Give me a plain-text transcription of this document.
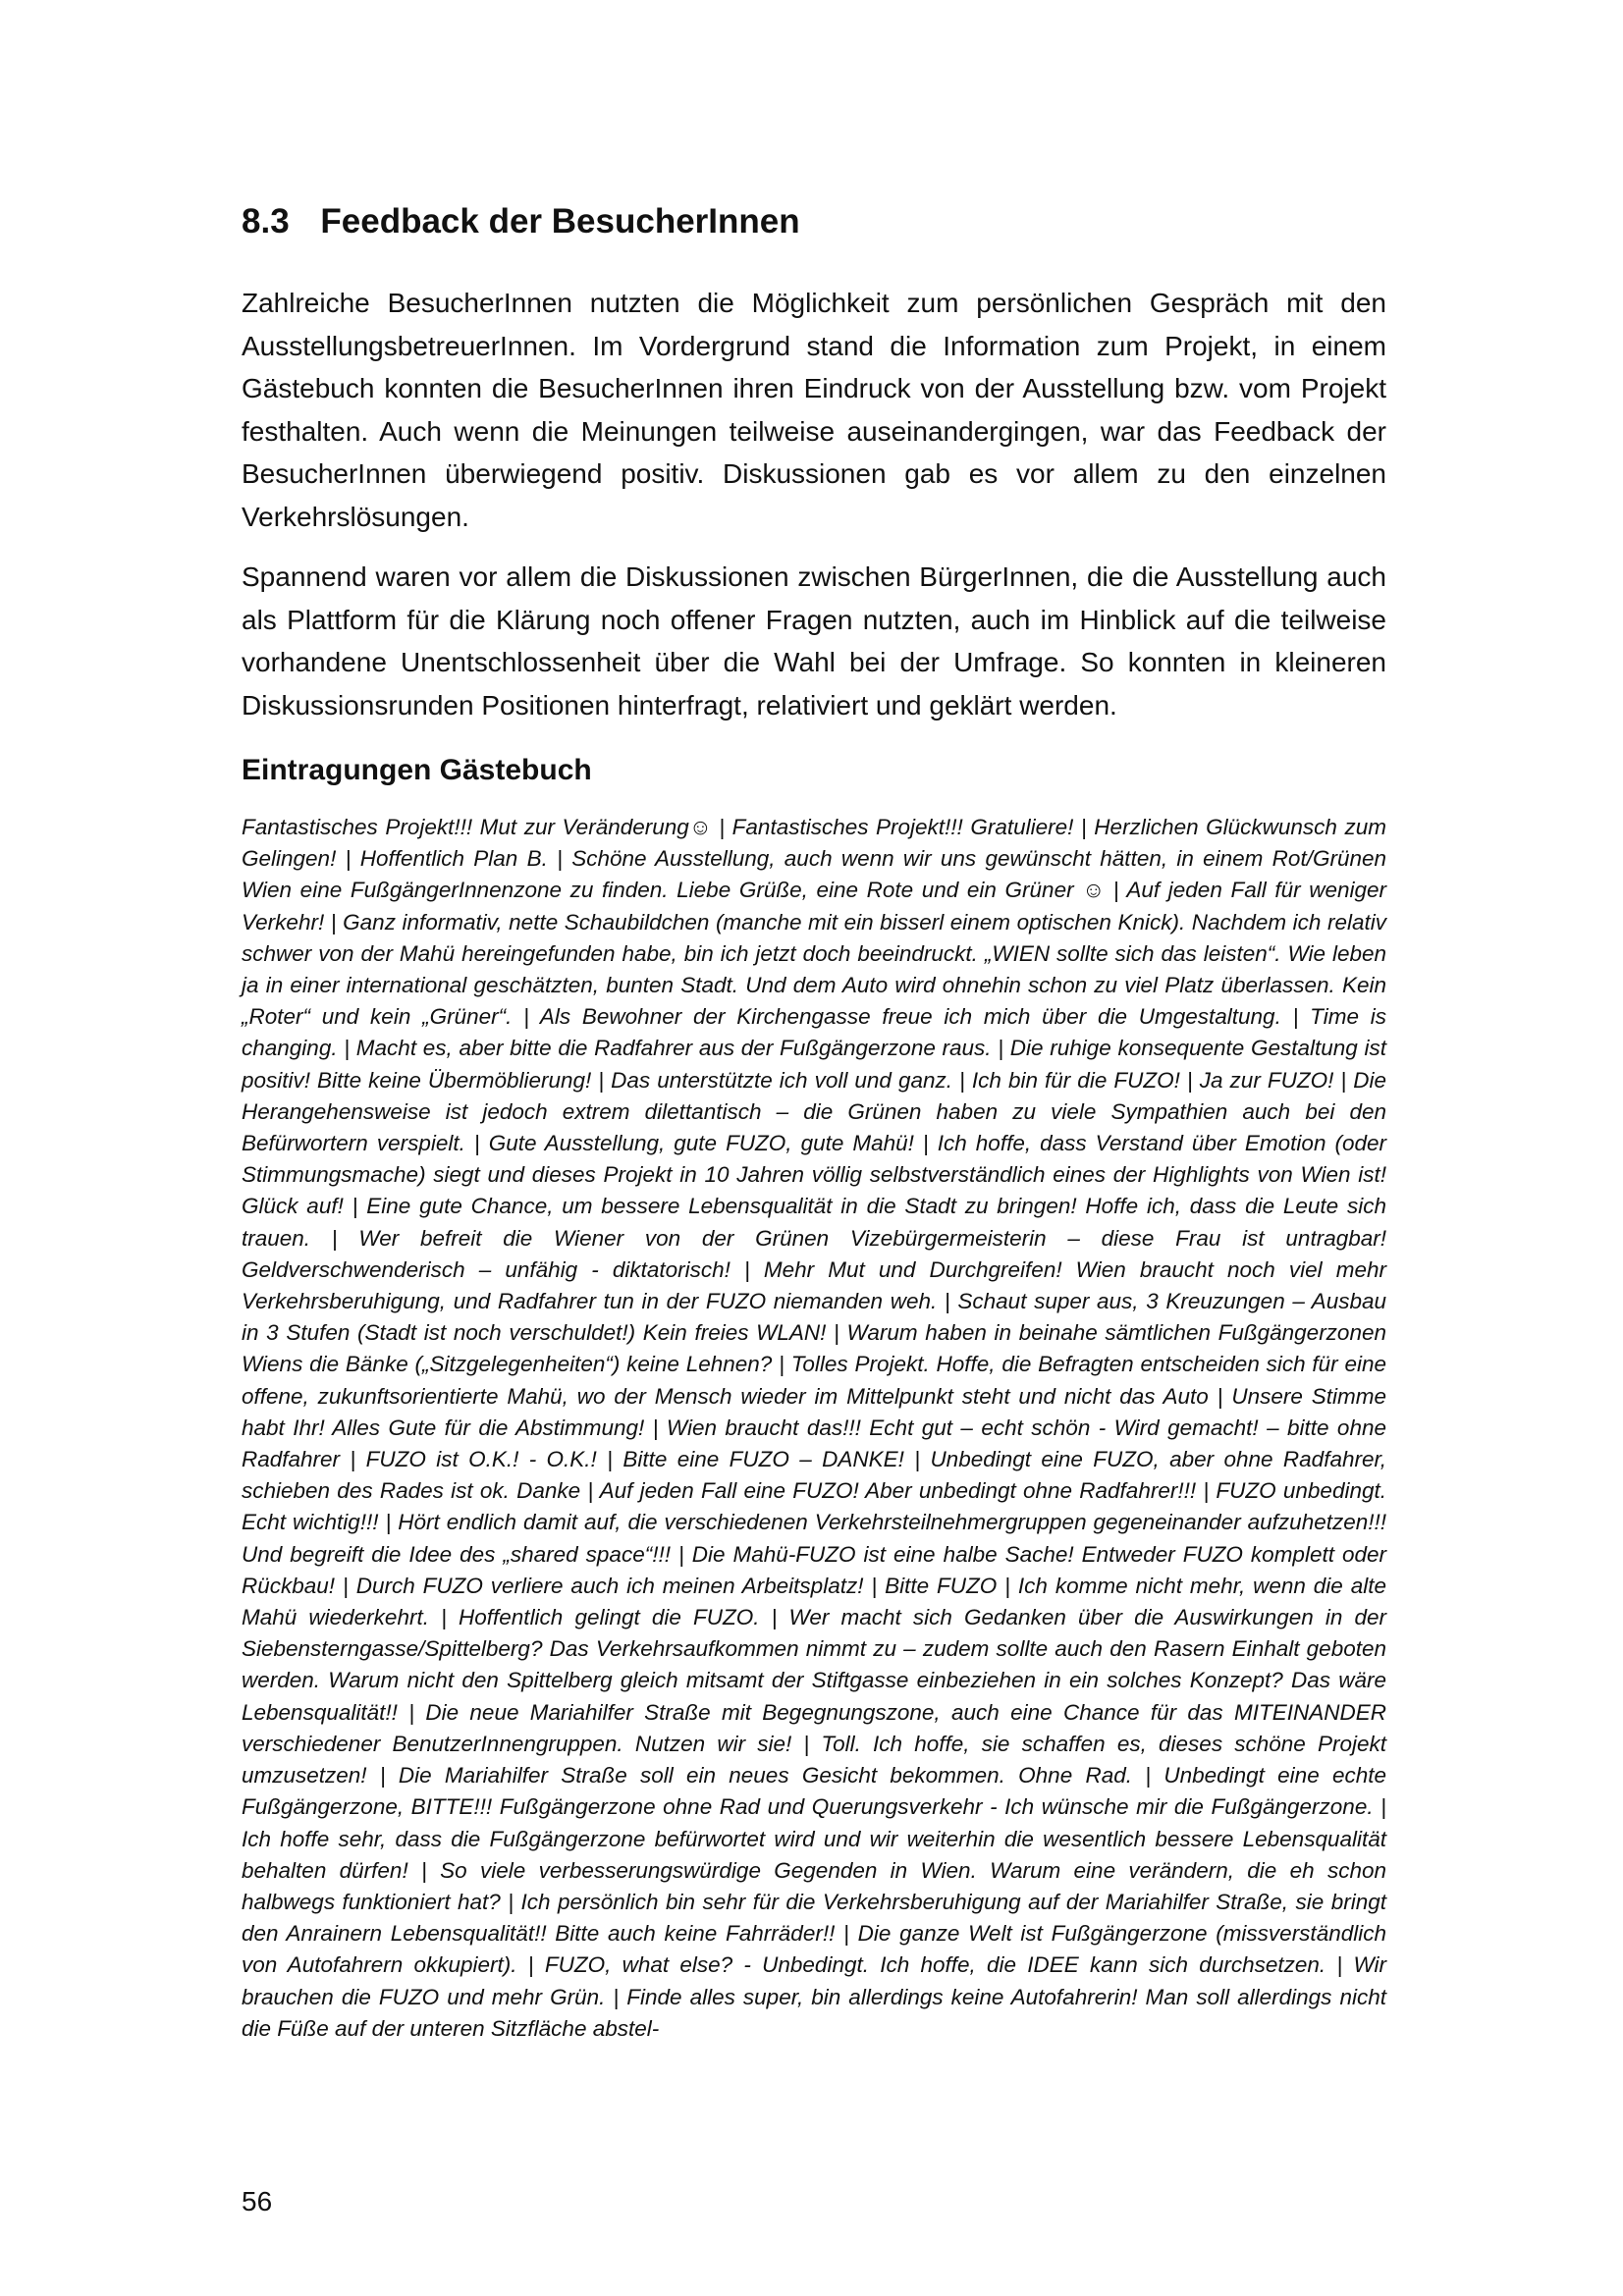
8.3 Feedback der BesucherInnen

Zahlreiche BesucherInnen nutzten die Möglichkeit zum persönlichen Gespräch mit den AusstellungsbetreuerInnen. Im Vordergrund stand die Information zum Projekt, in einem Gästebuch konnten die BesucherInnen ihren Eindruck von der Ausstellung bzw. vom Projekt festhalten. Auch wenn die Meinungen teilweise auseinandergingen, war das Feedback der BesucherInnen überwiegend positiv. Diskussionen gab es vor allem zu den einzelnen Verkehrslösungen.

Spannend waren vor allem die Diskussionen zwischen BürgerInnen, die die Ausstellung auch als Plattform für die Klärung noch offener Fragen nutzten, auch im Hinblick auf die teilweise vorhandene Unentschlossenheit über die Wahl bei der Umfrage. So konnten in kleineren Diskussionsrunden Positionen hinterfragt, relativiert und geklärt werden.

Eintragungen Gästebuch

Fantastisches Projekt!!! Mut zur Veränderung☺ | Fantastisches Projekt!!! Gratuliere! | Herzlichen Glückwunsch zum Gelingen! | Hoffentlich Plan B. | Schöne Ausstellung, auch wenn wir uns gewünscht hätten, in einem Rot/Grünen Wien eine FußgängerInnenzone zu finden. Liebe Grüße, eine Rote und ein Grüner ☺ | Auf jeden Fall für weniger Verkehr! | Ganz informativ, nette Schaubildchen (manche mit ein bisserl einem optischen Knick). Nachdem ich relativ schwer von der Mahü hereingefunden habe, bin ich jetzt doch beeindruckt. „WIEN sollte sich das leisten“. Wie leben ja in einer international geschätzten, bunten Stadt. Und dem Auto wird ohnehin schon zu viel Platz überlassen. Kein „Roter“ und kein „Grüner“. | Als Bewohner der Kirchengasse freue ich mich über die Umgestaltung. | Time is changing. | Macht es, aber bitte die Radfahrer aus der Fußgängerzone raus. | Die ruhige konsequente Gestaltung ist positiv! Bitte keine Übermöblierung! | Das unterstützte ich voll und ganz. | Ich bin für die FUZO! | Ja zur FUZO! | Die Herangehensweise ist jedoch extrem dilettantisch – die Grünen haben zu viele Sympathien auch bei den Befürwortern verspielt. | Gute Ausstellung, gute FUZO, gute Mahü! | Ich hoffe, dass Verstand über Emotion (oder Stimmungsmache) siegt und dieses Projekt in 10 Jahren völlig selbstverständlich eines der Highlights von Wien ist! Glück auf! | Eine gute Chance, um bessere Lebensqualität in die Stadt zu bringen! Hoffe ich, dass die Leute sich trauen. | Wer befreit die Wiener von der Grünen Vizebürgermeisterin – diese Frau ist untragbar! Geldverschwenderisch – unfähig - diktatorisch! | Mehr Mut und Durchgreifen! Wien braucht noch viel mehr Verkehrsberuhigung, und Radfahrer tun in der FUZO niemanden weh. | Schaut super aus, 3 Kreuzungen – Ausbau in 3 Stufen (Stadt ist noch verschuldet!) Kein freies WLAN! | Warum haben in beinahe sämtlichen Fußgängerzonen Wiens die Bänke („Sitzgelegenheiten“) keine Lehnen? | Tolles Projekt. Hoffe, die Befragten entscheiden sich für eine offene, zukunftsorientierte Mahü, wo der Mensch wieder im Mittelpunkt steht und nicht das Auto | Unsere Stimme habt Ihr! Alles Gute für die Abstimmung! | Wien braucht das!!! Echt gut – echt schön - Wird gemacht! – bitte ohne Radfahrer | FUZO ist O.K.! - O.K.! | Bitte eine FUZO – DANKE! | Unbedingt eine FUZO, aber ohne Radfahrer, schieben des Rades ist ok. Danke | Auf jeden Fall eine FUZO! Aber unbedingt ohne Radfahrer!!! | FUZO unbedingt. Echt wichtig!!! | Hört endlich damit auf, die verschiedenen Verkehrsteilnehmergruppen gegeneinander aufzuhetzen!!! Und begreift die Idee des „shared space“!!! | Die Mahü-FUZO ist eine halbe Sache! Entweder FUZO komplett oder Rückbau! | Durch FUZO verliere auch ich meinen Arbeitsplatz! | Bitte FUZO | Ich komme nicht mehr, wenn die alte Mahü wiederkehrt. | Hoffentlich gelingt die FUZO. | Wer macht sich Gedanken über die Auswirkungen in der Siebensterngasse/Spittelberg? Das Verkehrsaufkommen nimmt zu – zudem sollte auch den Rasern Einhalt geboten werden. Warum nicht den Spittelberg gleich mitsamt der Stiftgasse einbeziehen in ein solches Konzept? Das wäre Lebensqualität!! | Die neue Mariahilfer Straße mit Begegnungszone, auch eine Chance für das MITEINANDER verschiedener BenutzerInnengruppen. Nutzen wir sie! | Toll. Ich hoffe, sie schaffen es, dieses schöne Projekt umzusetzen! | Die Mariahilfer Straße soll ein neues Gesicht bekommen. Ohne Rad. | Unbedingt eine echte Fußgängerzone, BITTE!!! Fußgängerzone ohne Rad und Querungsverkehr - Ich wünsche mir die Fußgängerzone. | Ich hoffe sehr, dass die Fußgängerzone befürwortet wird und wir weiterhin die wesentlich bessere Lebensqualität behalten dürfen! | So viele verbesserungswürdige Gegenden in Wien. Warum eine verändern, die eh schon halbwegs funktioniert hat? | Ich persönlich bin sehr für die Verkehrsberuhigung auf der Mariahilfer Straße, sie bringt den Anrainern Lebensqualität!! Bitte auch keine Fahrräder!! | Die ganze Welt ist Fußgängerzone (missverständlich von Autofahrern okkupiert). | FUZO, what else? - Unbedingt. Ich hoffe, die IDEE kann sich durchsetzen. | Wir brauchen die FUZO und mehr Grün. | Finde alles super, bin allerdings keine Autofahrerin! Man soll allerdings nicht die Füße auf der unteren Sitzfläche abstel-

56
